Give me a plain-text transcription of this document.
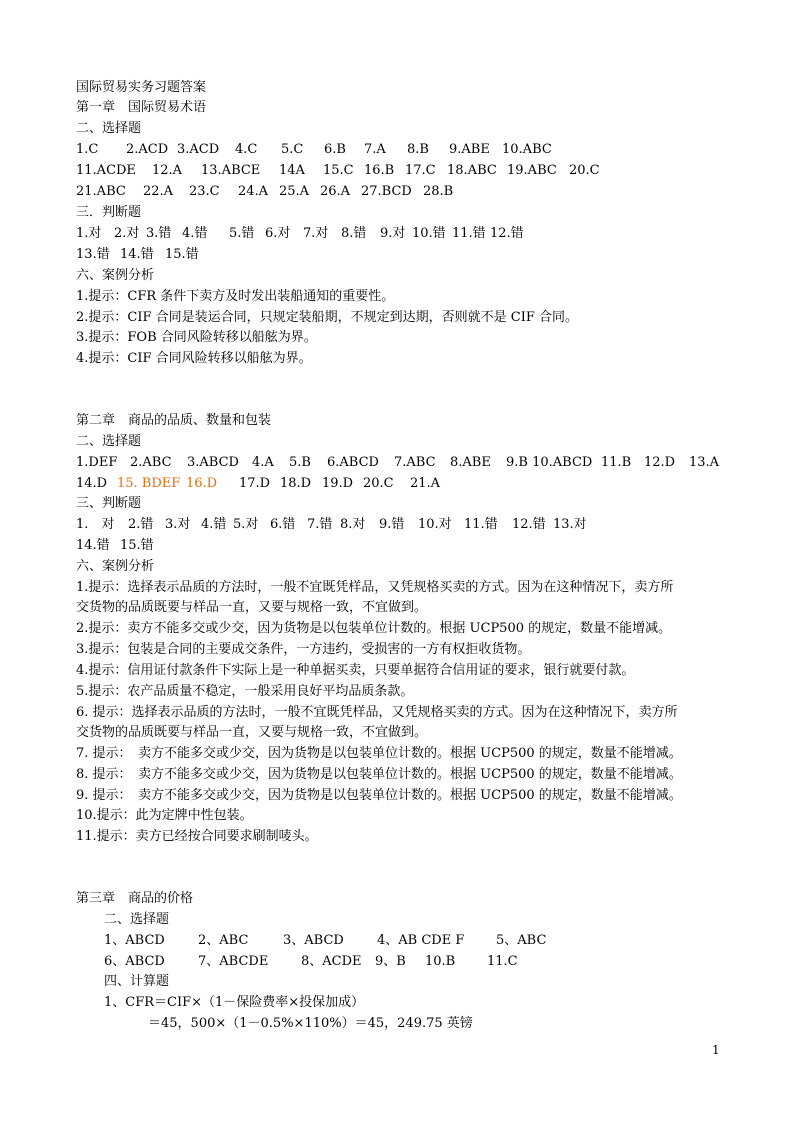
国际贸易实务习题答案
第一章　国际贸易术语
二、选择题
1.C 2.ACD 3.ACD 4.C 5.C 6.B 7.A 8.B 9.ABE 10.ABC
11.ACDE 12.A 13.ABCE 14A 15.C 16.B 17.C 18.ABC 19.ABC 20.C
21.ABC 22.A 23.C 24.A 25.A 26.A 27.BCD 28.B
三．判断题
1.对 2.对 3.错 4.错 5.错 6.对 7.对 8.错 9.对 10.错 11.错 12.错
13.错 14.错 15.错
六、案例分析
1.提示：CFR 条件下卖方及时发出装船通知的重要性。
2.提示：CIF 合同是装运合同，只规定装船期，不规定到达期，否则就不是 CIF 合同。
3.提示：FOB 合同风险转移以船舷为界。
4.提示：CIF 合同风险转移以船舷为界。
第二章　商品的品质、数量和包装
二、选择题
1.DEF 2.ABC 3.ABCD 4.A 5.B 6.ABCD 7.ABC 8.ABE 9.B 10.ABCD 11.B 12.D 13.A
14.D 15. BDEF 16.D 17.D 18.D 19.D 20.C 21.A
三、判断题
1.　对 2.错 3.对 4.错 5.对 6.错 7.错 8.对 9.错 10.对 11.错 12.错 13.对
14.错 15.错
六、案例分析
1.提示：选择表示品质的方法时，一般不宜既凭样品，又凭规格买卖的方式。因为在这种情况下，卖方所
交货物的品质既要与样品一直，又要与规格一致，不宜做到。
2.提示：卖方不能多交或少交，因为货物是以包装单位计数的。根据 UCP500 的规定，数量不能增减。
3.提示：包装是合同的主要成交条件，一方违约，受损害的一方有权拒收货物。
4.提示：信用证付款条件下实际上是一种单据买卖，只要单据符合信用证的要求，银行就要付款。
5.提示：农产品质量不稳定，一般采用良好平均品质条款。
6. 提示：选择表示品质的方法时，一般不宜既凭样品，又凭规格买卖的方式。因为在这种情况下，卖方所
交货物的品质既要与样品一直，又要与规格一致，不宜做到。
7. 提示：　卖方不能多交或少交，因为货物是以包装单位计数的。根据 UCP500 的规定，数量不能增减。
8. 提示：　卖方不能多交或少交，因为货物是以包装单位计数的。根据 UCP500 的规定，数量不能增减。
9. 提示：　卖方不能多交或少交，因为货物是以包装单位计数的。根据 UCP500 的规定，数量不能增减。
10.提示：此为定牌中性包装。
11.提示：卖方已经按合同要求刷制唛头。
第三章　商品的价格
二、选择题
1、ABCD	2、ABC	3、ABCD	4、AB CDE F 5、ABC
6、ABCD	7、ABCDE	8、ACDE 9、B 10.B 11.C
四、计算题
1、CFR＝CIF×（1－保险费率×投保加成）
＝45，500×（1－0.5%×110%）＝45，249.75 英镑
1
